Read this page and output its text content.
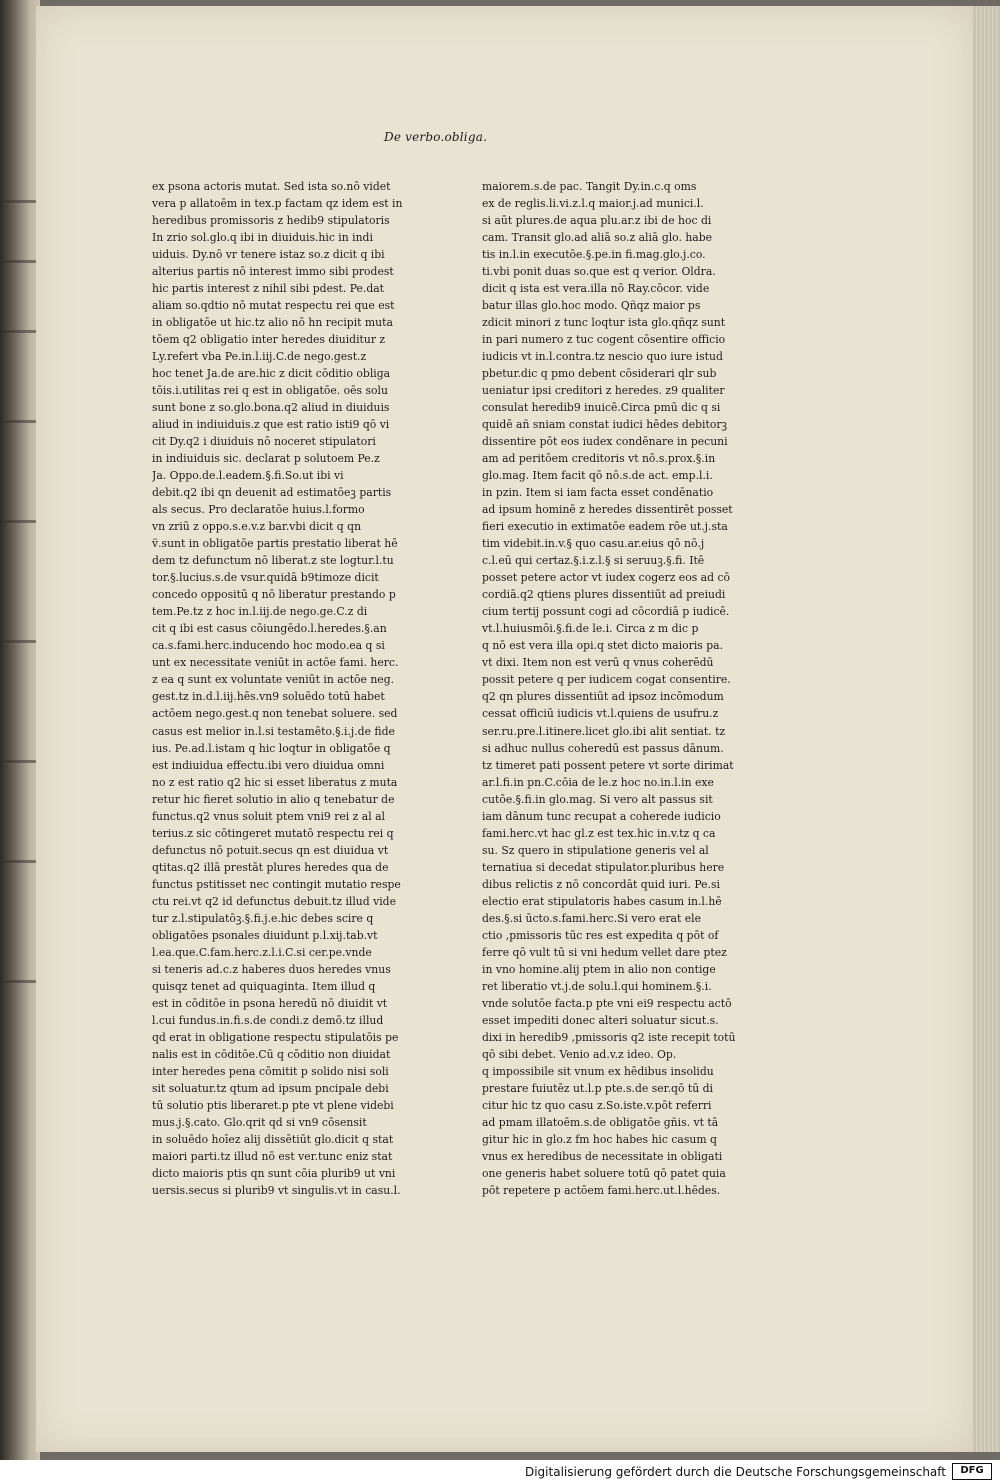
De verbo.obliga.
ex psona actoris mutat. Sed ista so.nō videt
vera p allatoēm in tex.p factam qz idem est in
heredibus promissoris z hedib9 stipulatoris
In zrio sol.glo.q ibi in diuiduis.hic in indi
uiduis. Dy.nō vr tenere istaz so.z dicit q ibi
alterius partis nō interest immo sibi prodest
hic partis interest z nihil sibi pdest. Pe.dat
aliam so.qdtio nō mutat respectu rei que est
in obligatōe ut hic.tz alio nō hn recipit muta
tōem q2 obligatio inter heredes diuiditur z
Ly.refert vba Pe.in.l.iij.C.de nego.gest.z
hoc tenet Ja.de are.hic z dicit cōditio obliga
tōis.i.utilitas rei q est in obligatōe. oēs solu
sunt bone z so.glo.bona.q2 aliud in diuiduis
aliud in indiuiduis.z que est ratio isti9 qō vi
cit Dy.q2 i diuiduis nō noceret stipulatori
in indiuiduis sic. declarat p solutoem Pe.z
Ja. Oppo.de.l.eadem.§.fi.So.ut ibi vi
debit.q2 ibi qn deuenit ad estimatōeꝫ partis
als secus. Pro declaratōe huius.l.formo
vn zriū z oppo.s.e.v.z bar.vbi dicit q qn
ṽ.sunt in obligatōe partis prestatio liberat hē
dem tz defunctum nō liberat.z ste logtur.l.tu
tor.§.lucius.s.de vsur.quidā b9timoze dicit
concedo oppositū q nō liberatur prestando p
tem.Pe.tz z hoc in.l.iij.de nego.ge.C.z di
cit q ibi est casus cōiungēdo.l.heredes.§.an
ca.s.fami.herc.inducendo hoc modo.ea q si
unt ex necessitate veniūt in actōe fami. herc.
z ea q sunt ex voluntate veniūt in actōe neg.
gest.tz in.d.l.iij.hēs.vn9 soluēdo totū habet
actōem nego.gest.q non tenebat soluere. sed
casus est melior in.l.si testamēto.§.i.j.de fide
ius. Pe.ad.l.istam q hic loqtur in obligatōe q
est indiuidua effectu.ibi vero diuidua omni
no z est ratio q2 hic si esset liberatus z muta
retur hic fieret solutio in alio q tenebatur de
functus.q2 vnus soluit ptem vni9 rei z al al
terius.z sic cōtingeret mutatō respectu rei q
defunctus nō potuit.secus qn est diuidua vt
qtitas.q2 illā prestāt plures heredes qua de
functus pstitisset nec contingit mutatio respe
ctu rei.vt q2 id defunctus debuit.tz illud vide
tur z.l.stipulatōꝫ.§.fi.j.e.hic debes scire q
obligatōes psonales diuidunt p.l.xij.tab.vt
l.ea.que.C.fam.herc.z.l.i.C.si cer.pe.vnde
si teneris ad.c.z haberes duos heredes vnus
quisqz tenet ad quiquaginta. Item illud q
est in cōditōe in psona heredū nō diuidit vt
l.cui fundus.in.fi.s.de condi.z demō.tz illud
qd erat in obligatione respectu stipulatōis pe
nalis est in cōditōe.Cū q cōditio non diuidat
inter heredes pena cōmitit p solido nisi soli
sit soluatur.tz qtum ad ipsum pncipale debi
tū solutio ptis liberaret.p pte vt plene videbi
mus.j.§.cato. Glo.qrit qd si vn9 cōsensit
in soluēdo hoīez alij dissētiūt glo.dicit q stat
maiori parti.tz illud nō est ver.tunc eniz stat
dicto maioris ptis qn sunt cōia plurib9 ut vni
uersis.secus si plurib9 vt singulis.vt in casu.l.
maiorem.s.de pac. Tangit Dy.in.c.q oms
ex de reglis.li.vi.z.l.q maior.j.ad munici.l.
si aūt plures.de aqua plu.ar.z ibi de hoc di
cam. Transit glo.ad aliā so.z aliā glo. habe
tis in.l.in executōe.§.pe.in fi.mag.glo.j.co.
ti.vbi ponit duas so.que est q verior. Oldra.
dicit q ista est vera.illa nō Ray.cōcor. vide
batur illas glo.hoc modo. Qñqz maior ps
zdicit minori z tunc loqtur ista glo.qñqz sunt
in pari numero z tuc cogent cōsentire officio
iudicis vt in.l.contra.tz nescio quo iure istud
pbetur.dic q pmo debent cōsiderari qlr sub
ueniatur ipsi creditori z heredes. z9 qualiter
consulat heredib9 inuicē.Circa pmū dic q si
quidē añ sniam constat iudici hēdes debitorꝫ
dissentire pōt eos iudex condēnare in pecuni
am ad peritōem creditoris vt nō.s.prox.§.in
glo.mag. Item facit qō nō.s.de act. emp.l.i.
in pzin. Item si iam facta esset condēnatio
ad ipsum hominē z heredes dissentirēt posset
fieri executio in extimatōe eadem rōe ut.j.sta
tim videbit.in.v.§ quo casu.ar.eius qō nō.j
c.l.eū qui certaz.§.i.z.l.§ si seruuꝫ.§.fi. Itē
posset petere actor vt iudex cogerz eos ad cō
cordiā.q2 qtiens plures dissentiūt ad preiudi
cium tertij possunt cogi ad cōcordiā p iudicē.
vt.l.huiusmōi.§.fi.de le.i. Circa z m dic p
q nō est vera illa opi.q stet dicto maioris pa.
vt dixi. Item non est verū q vnus coherēdū
possit petere q per iudicem cogat consentire.
q2 qn plures dissentiūt ad ipsoz incōmodum
cessat officiū iudicis vt.l.quiens de usufru.z
ser.ru.pre.l.itinere.licet glo.ibi alit sentiat. tz
si adhuc nullus coheredū est passus dānum.
tz timeret pati possent petere vt sorte dirimat
ar.l.fi.in pn.C.cōia de le.z hoc no.in.l.in exe
cutōe.§.fi.in glo.mag. Si vero alt passus sit
iam dānum tunc recupat a coherede iudicio
fami.herc.vt hac gl.z est tex.hic in.v.tz q ca
su. Sz quero in stipulatione generis vel al
ternatiua si decedat stipulator.pluribus here
dibus relictis z nō concordāt quid iuri. Pe.si
electio erat stipulatoris habes casum in.l.hē
des.§.si ūcto.s.fami.herc.Si vero erat ele
ctio ,pmissoris tūc res est expedita q pōt of
ferre qō vult tū si vni hedum vellet dare ptez
in vno homine.alij ptem in alio non contige
ret liberatio vt.j.de solu.l.qui hominem.§.i.
vnde solutōe facta.p pte vni ei9 respectu actō
esset impediti donec alteri soluatur sicut.s.
dixi in heredib9 ,pmissoris q2 iste recepit totū
qō sibi debet. Venio ad.v.z ideo. Op.
q impossibile sit vnum ex hēdibus insolidu
prestare fuiutēz ut.l.p pte.s.de ser.qō tū di
citur hic tz quo casu z.So.iste.v.pōt referri
ad pmam illatoēm.s.de obligatōe gñis. vt tā
gitur hic in glo.z fm hoc habes hic casum q
vnus ex heredibus de necessitate in obligati
one generis habet soluere totū qō patet quia
pōt repetere p actōem fami.herc.ut.l.hēdes.
Digitalisierung gefördert durch die Deutsche Forschungsgemeinschaft	DFG
